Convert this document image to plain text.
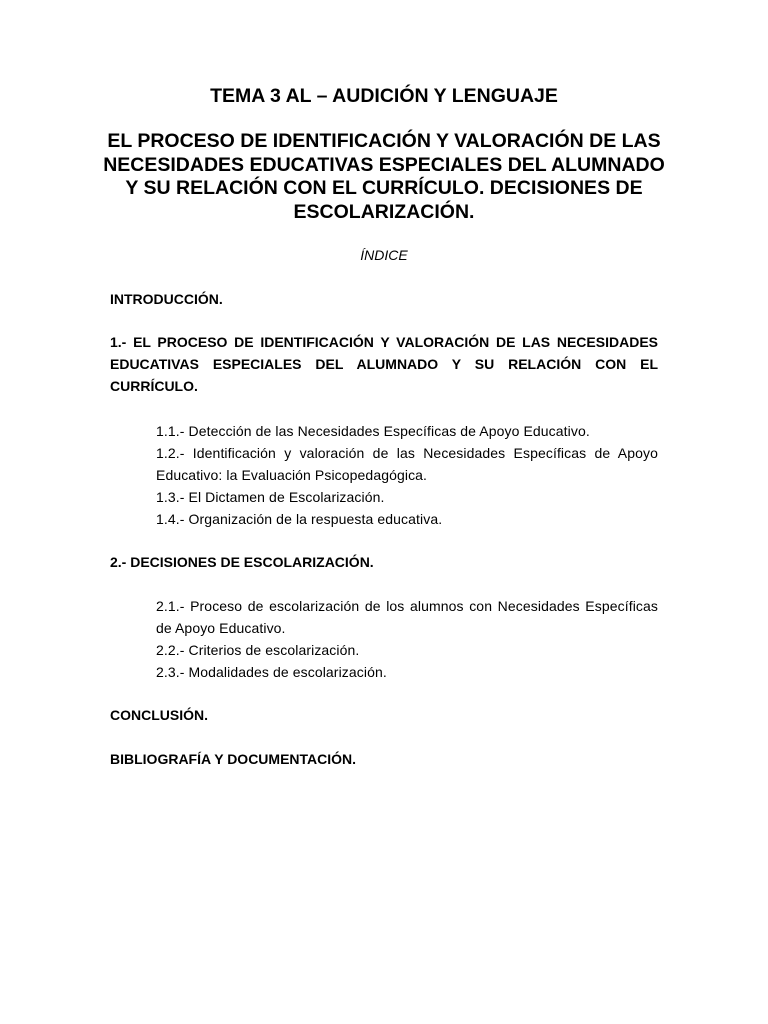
TEMA 3 AL – AUDICIÓN Y LENGUAJE
EL PROCESO DE IDENTIFICACIÓN Y VALORACIÓN DE LAS NECESIDADES EDUCATIVAS ESPECIALES DEL ALUMNADO Y SU RELACIÓN CON EL CURRÍCULO. DECISIONES DE ESCOLARIZACIÓN.

ÍNDICE

INTRODUCCIÓN.

1.- EL PROCESO DE IDENTIFICACIÓN Y VALORACIÓN DE LAS NECESIDADES EDUCATIVAS ESPECIALES DEL ALUMNADO Y SU RELACIÓN CON EL CURRÍCULO.

1.1.- Detección de las Necesidades Específicas de Apoyo Educativo.
1.2.- Identificación y valoración de las Necesidades Específicas de Apoyo Educativo: la Evaluación Psicopedagógica.
1.3.- El Dictamen de Escolarización.
1.4.- Organización de la respuesta educativa.

2.- DECISIONES DE ESCOLARIZACIÓN.

2.1.- Proceso de escolarización de los alumnos con Necesidades Específicas de Apoyo Educativo.
2.2.- Criterios de escolarización.
2.3.- Modalidades de escolarización.

CONCLUSIÓN.

BIBLIOGRAFÍA Y DOCUMENTACIÓN.
